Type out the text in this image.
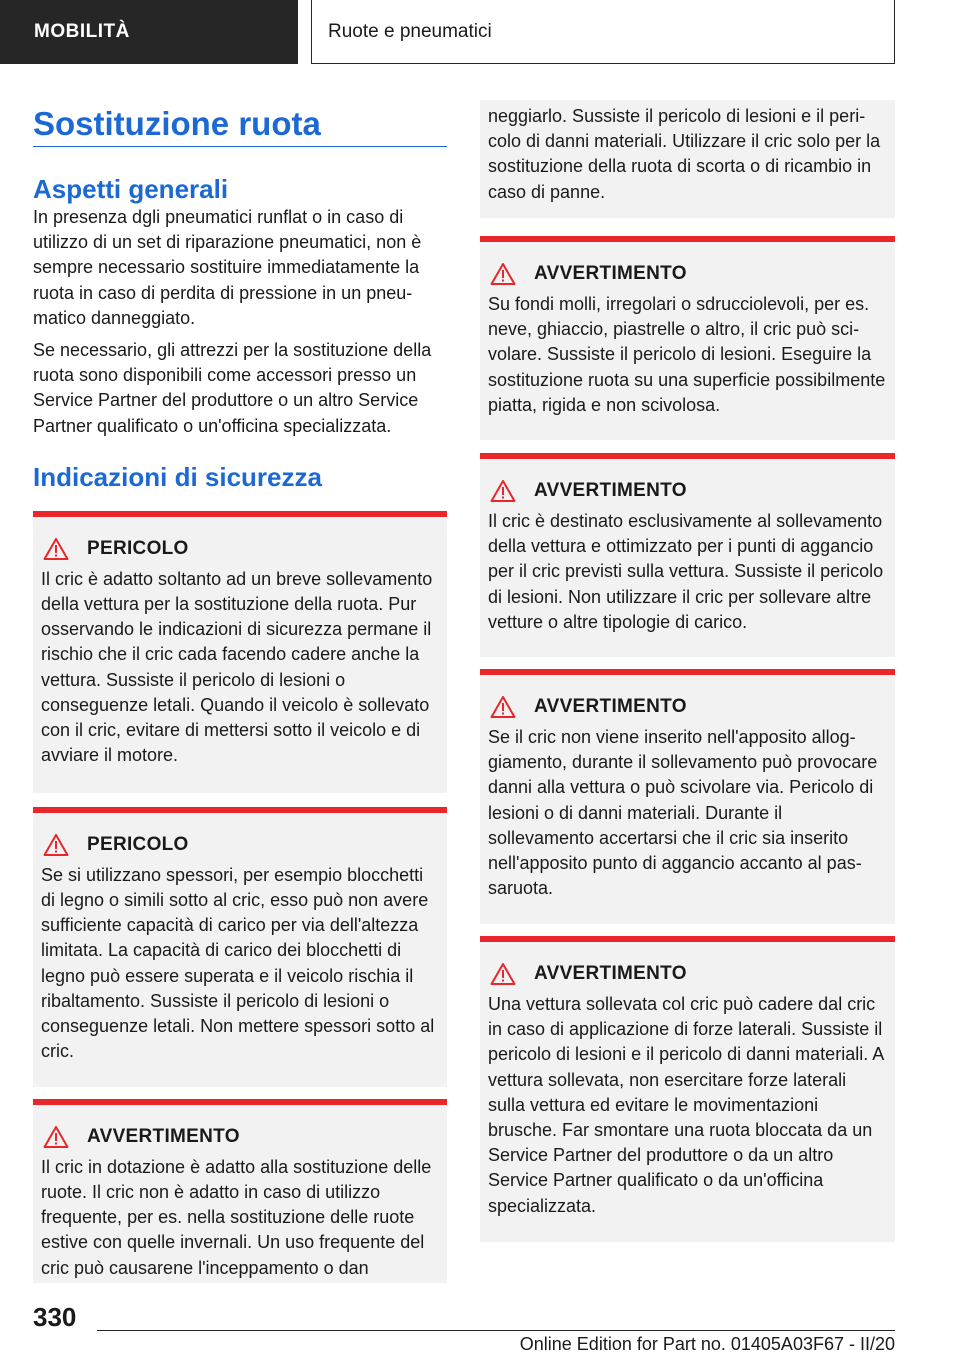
MOBILITÀ	Ruote e pneumatici
Sostituzione ruota
Aspetti generali

In presenza dgli pneumatici runflat o in caso di utilizzo di un set di riparazione pneumatici, non è sempre necessario sostituire immediatamente la ruota in caso di perdita di pressione in un pneumatico danneggiato.

Se necessario, gli attrezzi per la sostituzione della ruota sono disponibili come accessori presso un Service Partner del produttore o un altro Service Partner qualificato o un'officina specializzata.

Indicazioni di sicurezza
PERICOLO

Il cric è adatto soltanto ad un breve sollevamento della vettura per la sostituzione della ruota. Pur osservando le indicazioni di sicurezza permane il rischio che il cric cada facendo cadere anche la vettura. Sussiste il pericolo di lesioni o conseguenze letali. Quando il veicolo è sollevato con il cric, evitare di mettersi sotto il veicolo e di avviare il motore.

PERICOLO

Se si utilizzano spessori, per esempio blocchetti di legno o simili sotto al cric, esso può non avere sufficiente capacità di carico per via dell'altezza limitata. La capacità di carico dei blocchetti di legno può essere superata e il veicolo rischia il ribaltamento. Sussiste il pericolo di lesioni o conseguenze letali. Non mettere spessori sotto al cric.

AVVERTIMENTO

Il cric in dotazione è adatto alla sostituzione delle ruote. Il cric non è adatto in caso di utilizzo frequente, per es. nella sostituzione delle ruote estive con quelle invernali. Un uso frequente del cric può causarene l'inceppamento o dan

neggiarlo. Sussiste il pericolo di lesioni e il pericolo di danni materiali. Utilizzare il cric solo per la sostituzione della ruota di scorta o di ricambio in caso di panne.

AVVERTIMENTO

Su fondi molli, irregolari o sdrucciolevoli, per es. neve, ghiaccio, piastrelle o altro, il cric può scivolare. Sussiste il pericolo di lesioni. Eseguire la sostituzione ruota su una superficie possibilmente piatta, rigida e non scivolosa.

AVVERTIMENTO

Il cric è destinato esclusivamente al sollevamento della vettura e ottimizzato per i punti di aggancio per il cric previsti sulla vettura. Sussiste il pericolo di lesioni. Non utilizzare il cric per sollevare altre vetture o altre tipologie di carico.

AVVERTIMENTO

Se il cric non viene inserito nell'apposito alloggiamento, durante il sollevamento può provocare danni alla vettura o può scivolare via. Pericolo di lesioni o di danni materiali. Durante il sollevamento accertarsi che il cric sia inserito nell'apposito punto di aggancio accanto al passaruota.

AVVERTIMENTO

Una vettura sollevata col cric può cadere dal cric in caso di applicazione di forze laterali. Sussiste il pericolo di lesioni e il pericolo di danni materiali. A vettura sollevata, non esercitare forze laterali sulla vettura ed evitare le movimentazioni brusche. Far smontare una ruota bloccata da un Service Partner del produttore o da un altro Service Partner qualificato o da un'officina specializzata.

330
Online Edition for Part no. 01405A03F67 - II/20
